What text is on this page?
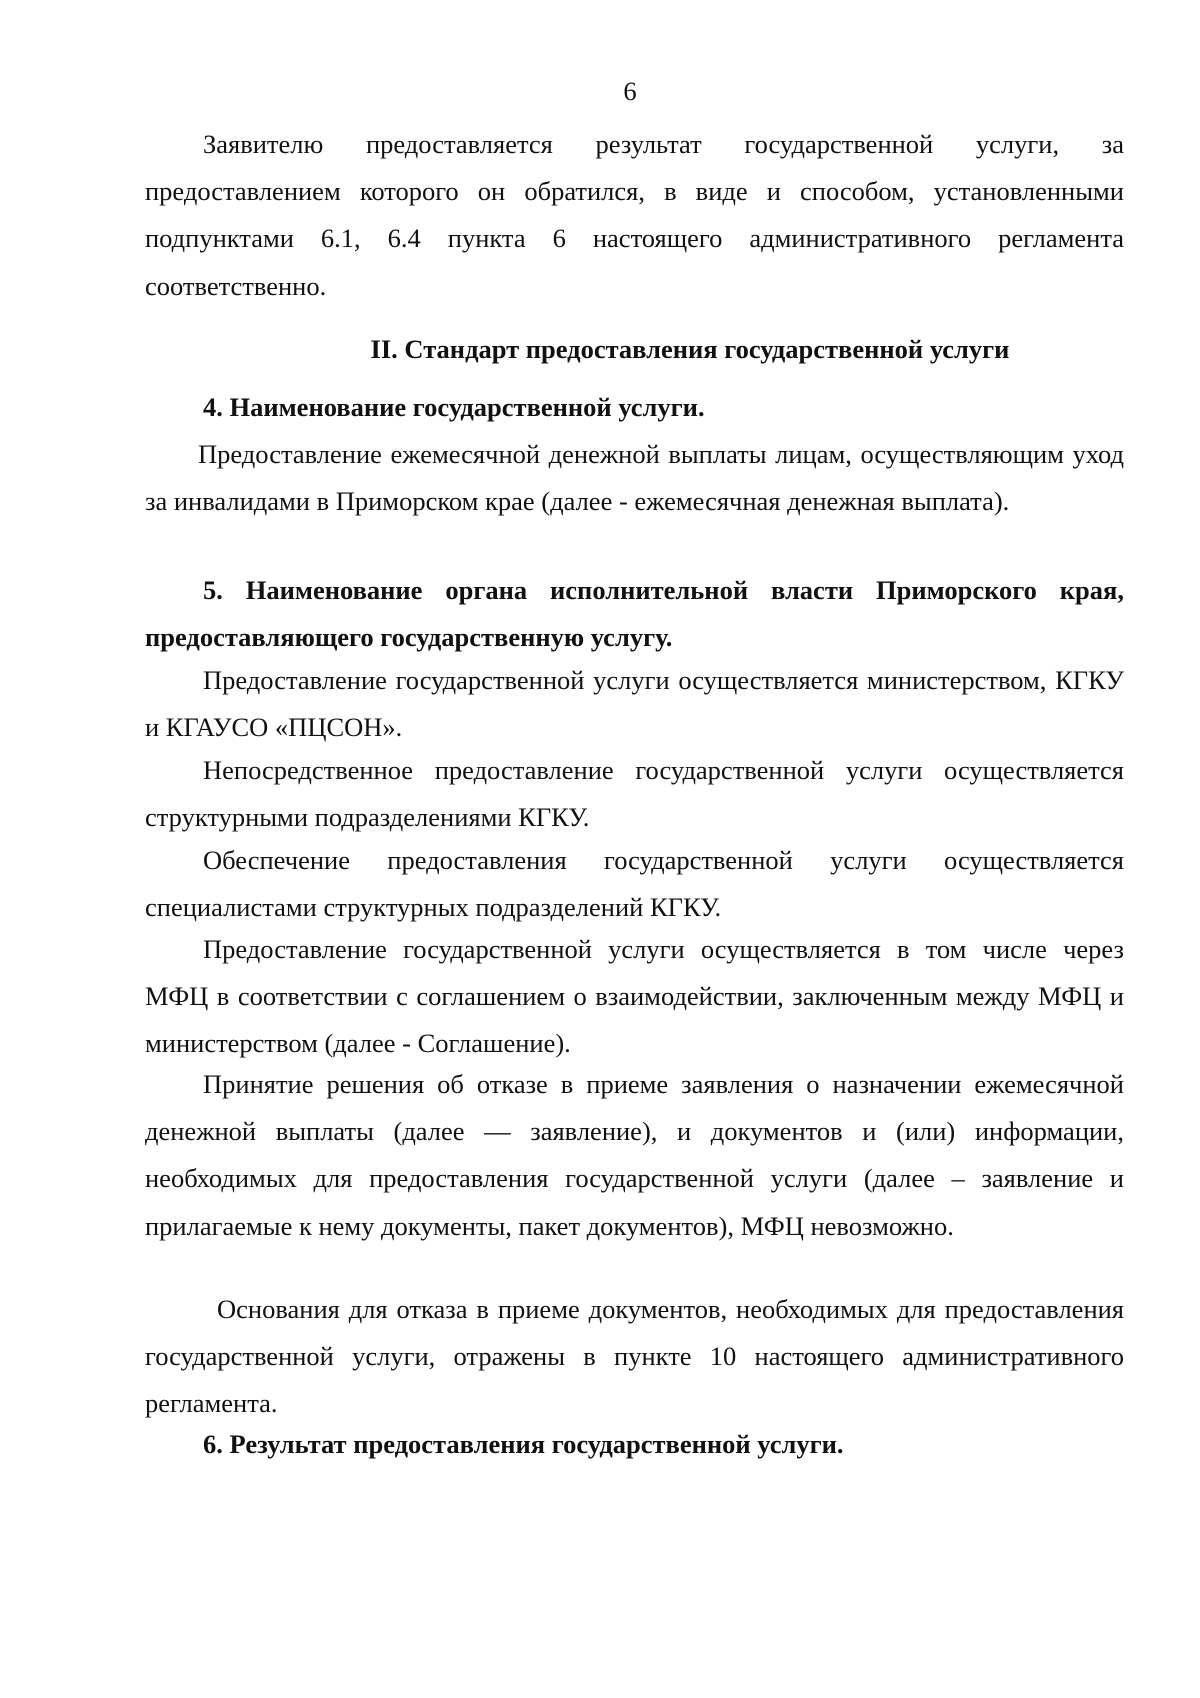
6

Заявителю предоставляется результат государственной услуги, за предоставлением которого он обратился, в виде и способом, установленными подпунктами 6.1, 6.4 пункта 6 настоящего административного регламента соответственно.

II. Стандарт предоставления государственной услуги

4. Наименование государственной услуги.

Предоставление ежемесячной денежной выплаты лицам, осуществляющим уход за инвалидами в Приморском крае (далее - ежемесячная денежная выплата).

5. Наименование органа исполнительной власти Приморского края, предоставляющего государственную услугу.

Предоставление государственной услуги осуществляется министерством, КГКУ и КГАУСО «ПЦСОН».

Непосредственное предоставление государственной услуги осуществляется структурными подразделениями КГКУ.

Обеспечение предоставления государственной услуги осуществляется специалистами структурных подразделений КГКУ.

Предоставление государственной услуги осуществляется в том числе через МФЦ в соответствии с соглашением о взаимодействии, заключенным между МФЦ и министерством (далее - Соглашение).

Принятие решения об отказе в приеме заявления о назначении ежемесячной денежной выплаты (далее — заявление), и документов и (или) информации, необходимых для предоставления государственной услуги (далее – заявление и прилагаемые к нему документы, пакет документов), МФЦ невозможно.

Основания для отказа в приеме документов, необходимых для предоставления государственной услуги, отражены в пункте 10 настоящего административного регламента.

6. Результат предоставления государственной услуги.
